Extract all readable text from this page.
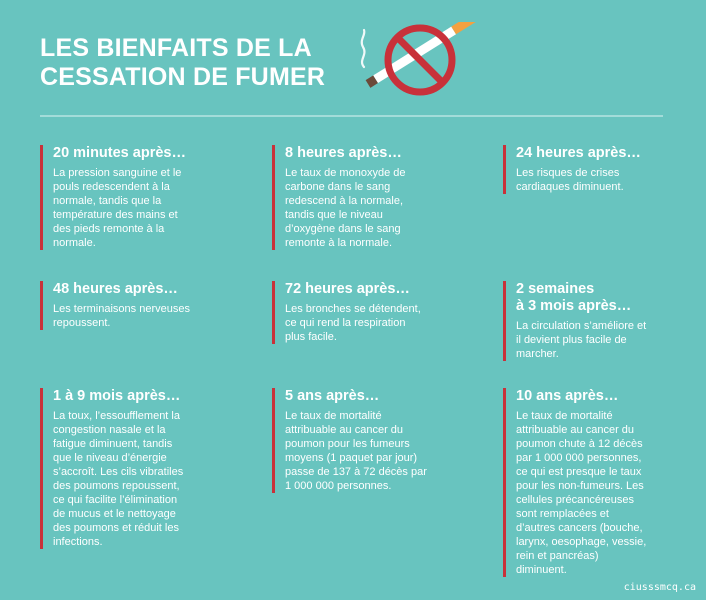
LES BIENFAITS DE LA
CESSATION DE FUMER
20 minutes après…
La pression sanguine et le
pouls redescendent à la
normale, tandis que la
température des mains et
des pieds remonte à la
normale.
8 heures après…
Le taux de monoxyde de
carbone dans le sang
redescend à la normale,
tandis que le niveau
d’oxygène dans le sang
remonte à la normale.
24 heures après…
Les risques de crises
cardiaques diminuent.
48 heures après…
Les terminaisons nerveuses
repoussent.
72 heures après…
Les bronches se détendent,
ce qui rend la respiration
plus facile.
2 semaines
à 3 mois après…
La circulation s’améliore et
il devient plus facile de
marcher.
1 à 9 mois après…
La toux, l’essoufflement la
congestion nasale et la
fatigue diminuent, tandis
que le niveau d’énergie
s’accroît. Les cils vibratiles
des poumons repoussent,
ce qui facilite l’élimination
de mucus et le nettoyage
des poumons et réduit les
infections.
5 ans après…
Le taux de mortalité
attribuable au cancer du
poumon pour les fumeurs
moyens (1 paquet par jour)
passe de 137 à 72 décès par
1 000 000 personnes.
10 ans après…
Le taux de mortalité
attribuable au cancer du
poumon chute à 12 décès
par 1 000 000 personnes,
ce qui est presque le taux
pour les non-fumeurs. Les
cellules précancéreuses
sont remplacées et
d’autres cancers (bouche,
larynx, oesophage, vessie,
rein et pancréas)
diminuent.
ciusssmcq.ca
